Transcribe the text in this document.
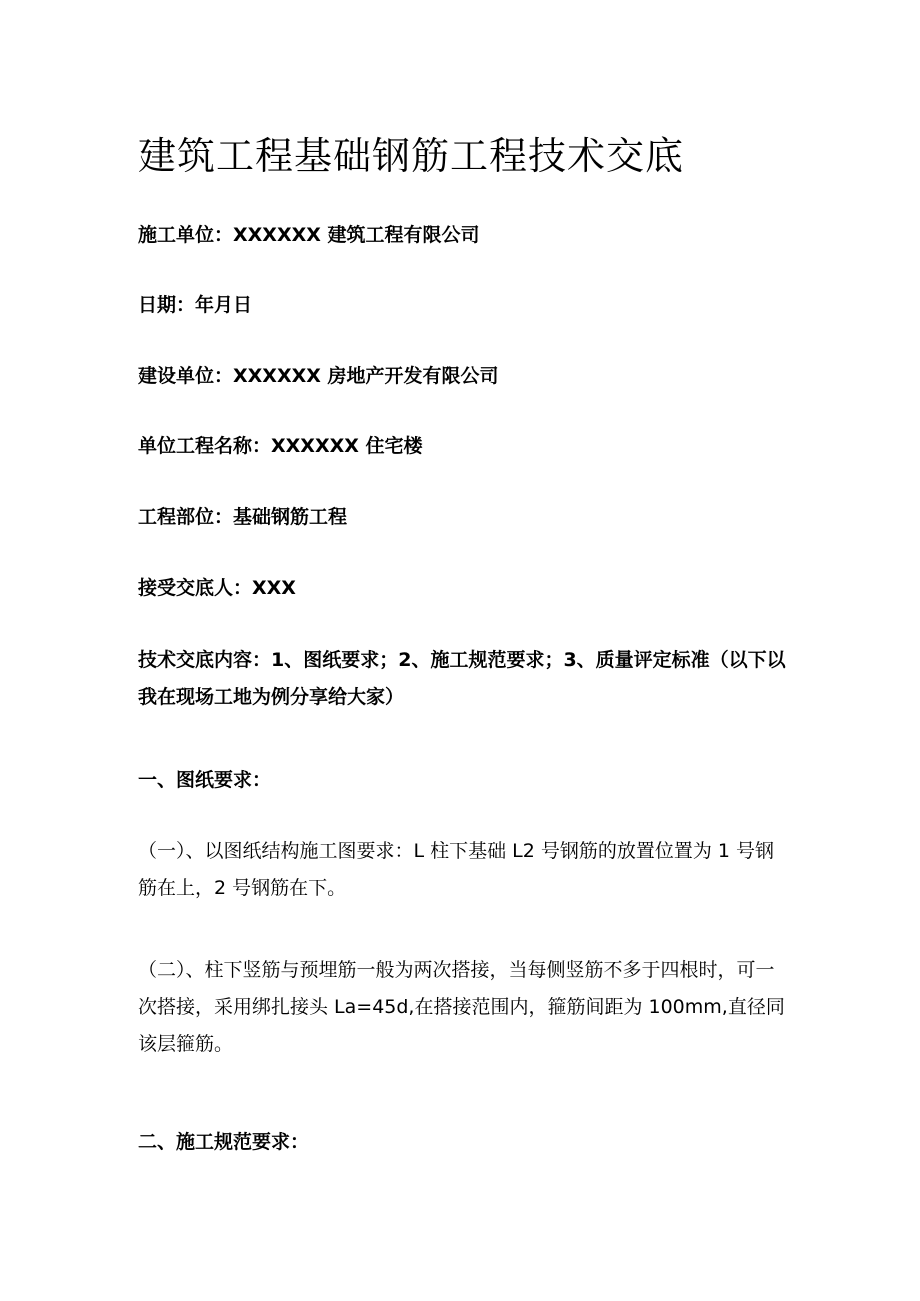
建筑工程基础钢筋工程技术交底
施工单位：XXXXXX 建筑工程有限公司
日期：年月日
建设单位：XXXXXX 房地产开发有限公司
单位工程名称：XXXXXX 住宅楼
工程部位：基础钢筋工程
接受交底人：XXX
技术交底内容：1、图纸要求；2、施工规范要求；3、质量评定标准（以下以我在现场工地为例分享给大家）
一、图纸要求：
（一）、以图纸结构施工图要求：L 柱下基础 L2 号钢筋的放置位置为 1 号钢筋在上，2 号钢筋在下。
（二）、柱下竖筋与预埋筋一般为两次搭接，当每侧竖筋不多于四根时，可一次搭接，采用绑扎接头 La=45d,在搭接范围内，箍筋间距为 100mm,直径同该层箍筋。
二、施工规范要求：
